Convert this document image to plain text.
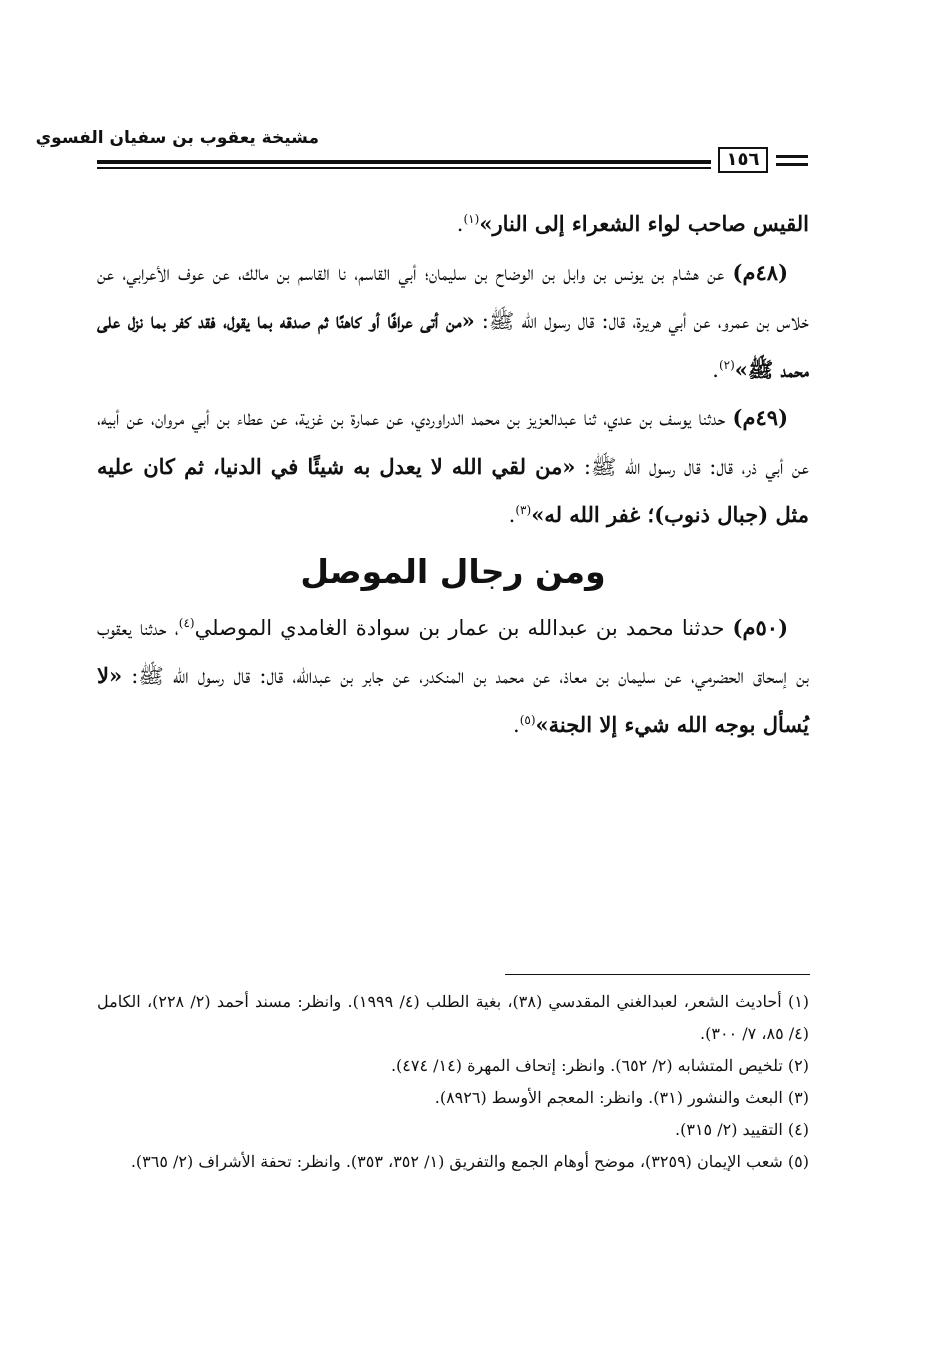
مشيخة يعقوب بن سفيان الفسوي
١٥٦

القيس صاحب لواء الشعراء إلى النار»$^{(١)}$.

 (٤٨م) عن هشام بن يونس بن وابل بن الوضاح بن سليمان؛ أبي القاسم، نا القاسم بن مالك، عن عوف الأعرابي، عن خلاس بن عمرو، عن أبي هريرة، قال: قال رسول الله ﷺ: «من أتى عرافًا أو كاهنًا ثم صدقه بما يقول، فقد كفر بما نزل على محمد ﷺ»$^{(٢)}$.

 (٤٩م) حدثنا يوسف بن عدي، ثنا عبدالعزيز بن محمد الدراوردي، عن عمارة بن غزية، عن عطاء بن أبي مروان، عن أبيه، عن أبي ذر، قال: قال رسول الله ﷺ: «من لقي الله لا يعدل به شيئًا في الدنيا، ثم كان عليه مثل (جبال ذنوب)؛ غفر الله له»$^{(٣)}$.

ومن رجال الموصل

 (٥٠م) حدثنا محمد بن عبدالله بن عمار بن سوادة الغامدي الموصلي$^{(٤)}$، حدثنا يعقوب بن إسحاق الحضرمي، عن سليمان بن معاذ، عن محمد بن المنكدر، عن جابر بن عبدالله، قال: قال رسول الله ﷺ: «لا يُسأل بوجه الله شيء إلا الجنة»$^{(٥)}$.

(١) أحاديث الشعر، لعبدالغني المقدسي (٣٨)، بغية الطلب (٤/ ١٩٩٩). وانظر: مسند أحمد (٢/ ٢٢٨)، الكامل (٤/ ٨٥، ٧/ ٣٠٠).

(٢) تلخيص المتشابه (٢/ ٦٥٢). وانظر: إتحاف المهرة (١٤/ ٤٧٤).

(٣) البعث والنشور (٣١). وانظر: المعجم الأوسط (٨٩٢٦).

(٤) التقييد (٢/ ٣١٥).

(٥) شعب الإيمان (٣٢٥٩)، موضح أوهام الجمع والتفريق (١/ ٣٥٢، ٣٥٣). وانظر: تحفة الأشراف (٢/ ٣٦٥).
